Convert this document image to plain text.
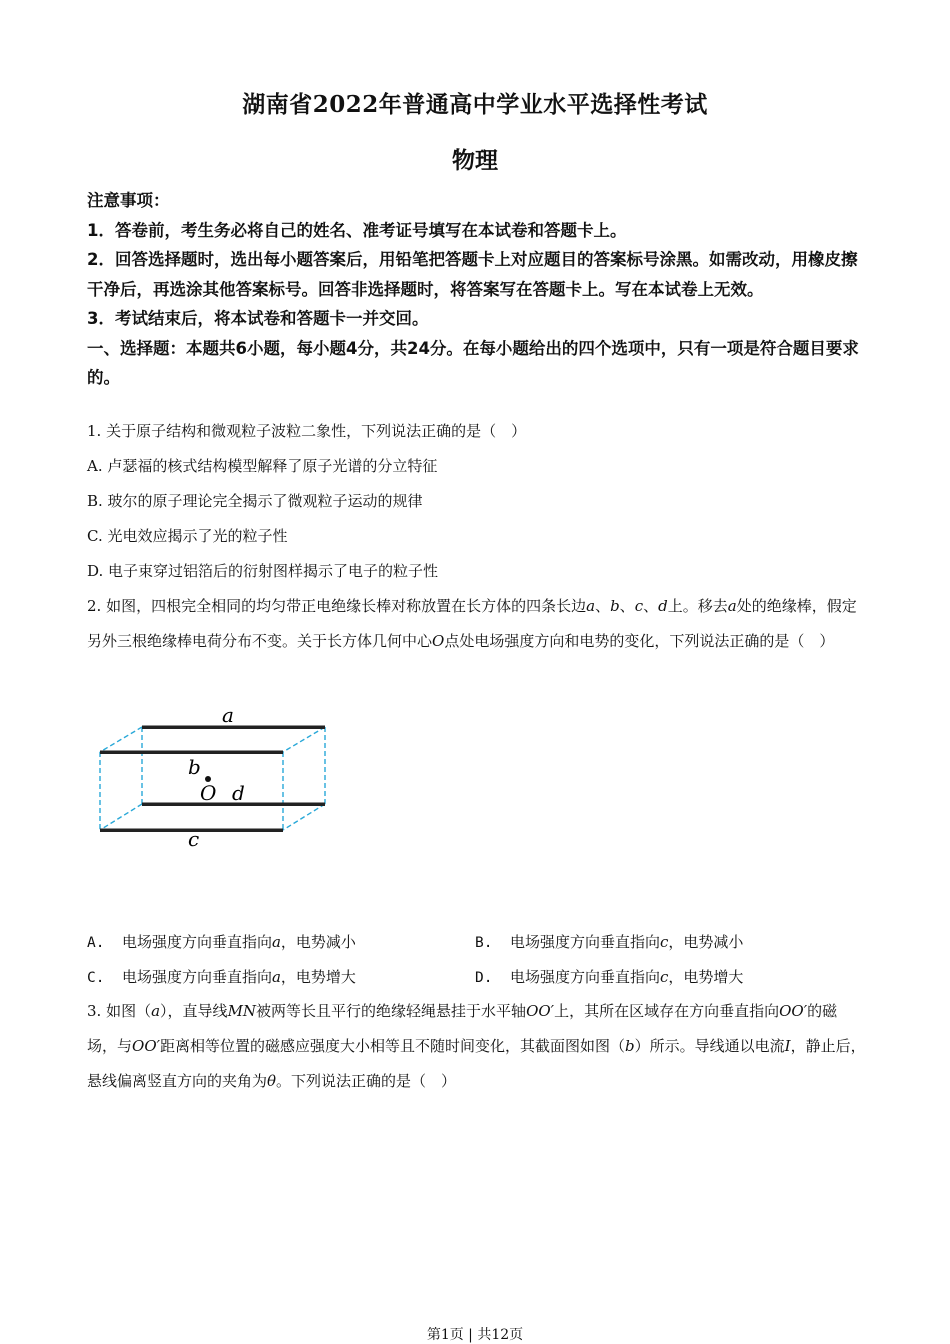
湖南省2022年普通高中学业水平选择性考试
物理

注意事项：

1．答卷前，考生务必将自己的姓名、准考证号填写在本试卷和答题卡上。

2．回答选择题时，选出每小题答案后，用铅笔把答题卡上对应题目的答案标号涂黑。如需改动，用橡皮擦干净后，再选涂其他答案标号。回答非选择题时，将答案写在答题卡上。写在本试卷上无效。

3．考试结束后，将本试卷和答题卡一并交回。

一、选择题：本题共6小题，每小题4分，共24分。在每小题给出的四个选项中，只有一项是符合题目要求的。

1. 关于原子结构和微观粒子波粒二象性，下列说法正确的是（　）

A. 卢瑟福的核式结构模型解释了原子光谱的分立特征

B. 玻尔的原子理论完全揭示了微观粒子运动的规律

C. 光电效应揭示了光的粒子性

D. 电子束穿过铝箔后的衍射图样揭示了电子的粒子性

2. 如图，四根完全相同的均匀带正电绝缘长棒对称放置在长方体的四条长边a、b、c、d上。移去a处的绝缘棒，假定另外三根绝缘棒电荷分布不变。关于长方体几何中心O点处电场强度方向和电势的变化，下列说法正确的是（　）

a
b
O d
c
A. 电场强度方向垂直指向a，电势减小	B. 电场强度方向垂直指向c，电势减小
C. 电场强度方向垂直指向a，电势增大	D. 电场强度方向垂直指向c，电势增大

3. 如图（a），直导线MN被两等长且平行的绝缘轻绳悬挂于水平轴OO′上，其所在区域存在方向垂直指向OO′的磁场，与OO′距离相等位置的磁感应强度大小相等且不随时间变化，其截面图如图（b）所示。导线通以电流I，静止后，悬线偏离竖直方向的夹角为θ。下列说法正确的是（　）

第1页 | 共12页
